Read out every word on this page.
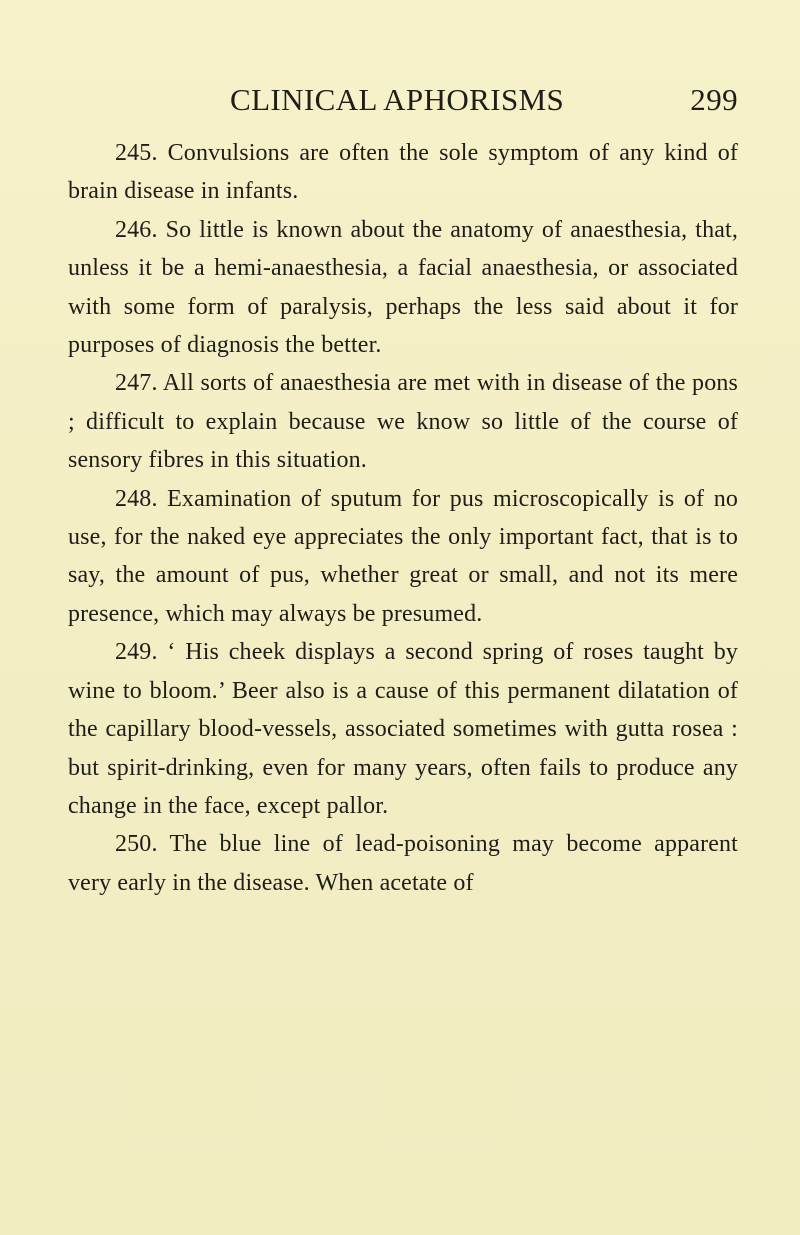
CLINICAL APHORISMS	299

245. Convulsions are often the sole symptom of any kind of brain disease in infants.

246. So little is known about the anatomy of anaesthesia, that, unless it be a hemi-anaesthesia, a facial anaesthesia, or associated with some form of paralysis, perhaps the less said about it for purposes of diagnosis the better.

247. All sorts of anaesthesia are met with in disease of the pons ; difficult to explain because we know so little of the course of sensory fibres in this situation.

248. Examination of sputum for pus microscopically is of no use, for the naked eye appreciates the only important fact, that is to say, the amount of pus, whether great or small, and not its mere presence, which may always be presumed.

249. ‘ His cheek displays a second spring of roses taught by wine to bloom.’ Beer also is a cause of this permanent dilatation of the capillary blood-vessels, associated sometimes with gutta rosea : but spirit-drinking, even for many years, often fails to produce any change in the face, except pallor.

250. The blue line of lead-poisoning may become apparent very early in the disease. When acetate of
